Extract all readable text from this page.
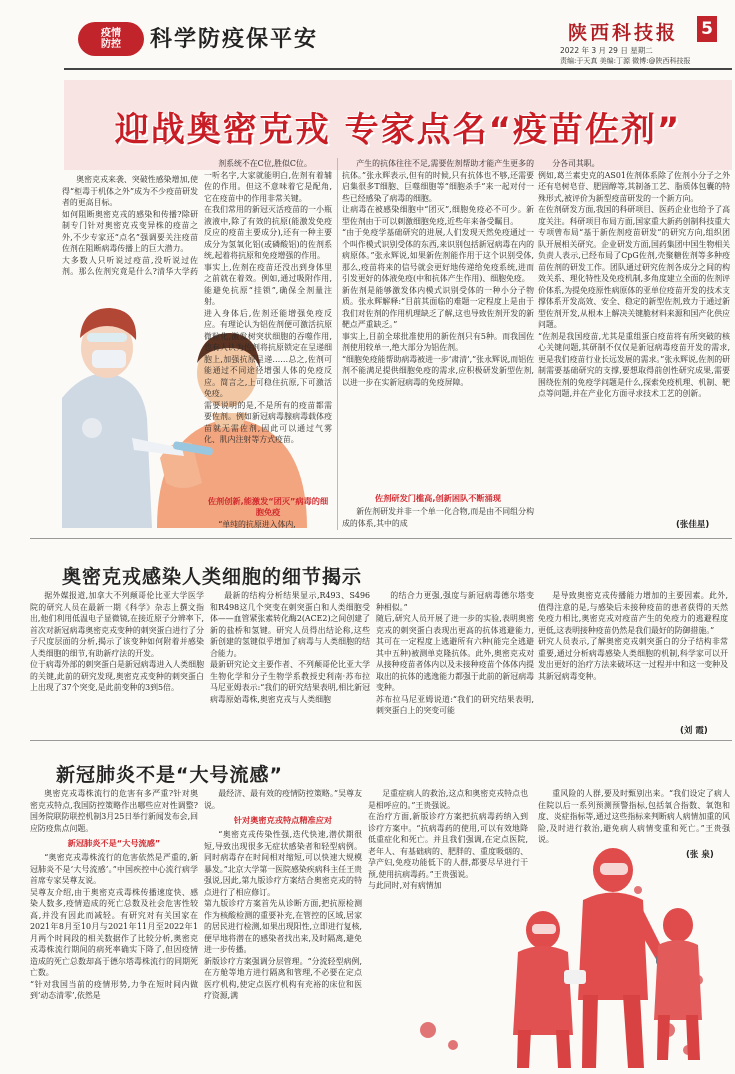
疫情
防控	科学防疫保平安	陕西科技报 5
2022 年 3 月 29 日 星期二
责编:于天真 美编:丁源 微博:@陕西科技报
迎战奥密克戎 专家点名“疫苗佐剂”
奥密克戎来袭、突破性感染增加,使得“柜毒于机体之外”成为不少疫苗研发者的更高目标。
如何阻断奥密克戎的感染和传播?除研制专门针对奥密克戎变异株的疫苗之外,不少专家还“点名”强调要关注疫苗佐剂在阻断病毒传播上的巨大潜力。
大多数人只听说过疫苗,没听说过佐剂。那么佐剂究竟是什么?清华大学药
剂系统不在C位,胜似C位。
一听名字,大家就能明白,佐剂有着辅佐的作用。但这不意味着它是配角,它在疫苗中的作用非常关键。
在我们常用的新冠灭活疫苗的一小瓶液液中,除了有效的抗原(能激发免疫反应的疫苗主要成分),还有一种主要成分为氢氧化铝(或磷酸铝)的佐剂系统,起着将抗原和免疫增强的作用。
事实上,佐剂在疫苗还没出到身体里之前就在着效。例如,通过吸附作用,能避免抗原“挂锁”,确保全剂量注射。
进入身体后,佐剂还能增强免疫反应。有理论认为铝佐剂便可激活抗原微粒化,激发树突状细胞的吞噬作用,也有人认为佐剂将抗原锁定在呈递细胞上,加强抗原呈递……总之,佐剂可能通过不同途径增强人体的免疫反应。简言之,上可稳住抗原,下可激活免疫。
需要说明的是,不是所有的疫苗都需要佐剂。例如新冠病毒腺病毒载体疫苗就无需佐剂,因此可以通过气雾化、肌内注射等方式疫苗。
佐剂创新,能激发“团灭”病毒的细胞免疫
“单纯的抗原进入体内,
产生的抗体往往不足,需要佐剂帮助才能产生更多的抗体。”张永辉表示,但有的时候,只有抗体也不够,还需要启集很多T细胞、巨噬细胞等“细胞杀手”来一起对付一些已经感染了病毒的细胞。
让病毒在被感染细胞中“团灭”,细胞免疫必不可少。新型佐剂由于可以刺激细胞免疫,近些年来备受瞩目。
“由于免疫学基础研究的进展,人们发现天然免疫通过一个叫作模式识别受体的东西,来识别包括新冠病毒在内的病原体。”张永辉说,如果新佐剂能作用于这个识别受体,那么,疫苗将来的信号就会更好地传递给免疫系统,进而引发更好的体液免疫(中和抗体产生作用)、细胞免疫。
新佐剂是能够激发体内模式识别受体的一种小分子物质。张永辉解释:“目前其面临的难题一定程度上是由于我们对佐剂的作用机理缺乏了解,这也导致佐剂开发的新靶点严重缺乏。”
事实上,目前全球批准使用的新佐剂只有5种。而我国佐剂使用较单一,绝大部分为铝佐剂。
“细胞免疫能帮助病毒被进一步‘肃清’,”张永辉说,而铝佐剂不能满足提供细胞免疫的需求,应积极研发新型佐剂,以进一步在实新冠病毒的免疫屏障。
佐剂研发门槛高,创新困队不断涌现
新佐剂研发并非一个单一化合物,而是由不同组分构成的体系,其中的成
分各司其职。
例如,葛兰素史克的AS01佐剂体系除了佐剂小分子之外还有皂树皂苷、肥固醇等,其制备工艺、脂质体包囊的特殊形式,被评价为新型疫苗研发的一个新方向。
在佐剂研发方面,我国的科研项目、医药企业也给予了高度关注。科研项目布局方面,国家重大新药创制科技重大专项曾布局“基于新佐剂疫苗研发”的研究方向,组织团队开展相关研究。企业研发方面,国药集团中国生物相关负责人表示,已经布局了CpG佐剂,壳聚糖佐剂等多种疫苗佐剂的研发工作。团队通过研究佐剂各成分之间的构效关系、理化特性及免疫机制,多角度建立全面的佐剂评价体系,为提免疫原性病原体的亚单位疫苗开发的技术支撑体系开发高效、安全、稳定的新型佐剂,致力于通过新型佐剂开发,从根本上解决关键脆材料来源和国产化供应问题。
“佐剂是我国疫苗,尤其是重组蛋白疫苗将有所突破的核心关键问题,其研制不仅仅是新冠病毒疫苗开发的需求,更是我们疫苗行业长远发展的需求。”张永辉说,佐剂的研制需要基础研究的支撑,要想取得前创性研究成果,需要围绕佐剂的免疫学问题是什么,探索免疫机理、机制、靶点等问题,并在产业化方面寻求技术工艺的创新。
(张佳星)
奥密克戎感染人类细胞的细节揭示
据外媒报道,加拿大不列颠哥伦比亚大学医学院的研究人员在最新一期《科学》杂志上撰文指出,他们利用低温电子显微镜,在接近原子分辨率下,首次对新冠病毒奥密克戎变种的刺突蛋白进行了分子尺度层面的分析,揭示了该变种如何附着并感染人类细胞的细节,有助新疗法的开发。
位于病毒外部的刺突蛋白是新冠病毒进入人类细胞的关键,此前的研究发现,奥密克戎变种的刺突蛋白上出现了37个突变,是此前变种的3到5倍。
最新的结构分析结果显示,R493、S496和R498这几个突变在刺突蛋白和人类细胞受体——血管紧张素转化酶2(ACE2)之间创建了新的盐桥和氢键。研究人员得出结论称,这些新创建的氢键似乎增加了病毒与人类细胞的结合能力。
最新研究论文主要作者、不列颠哥伦比亚大学生物化学和分子生物学系教授史利南·苏布拉马尼亚姆表示:“我们的研究结果表明,相比新冠病毒原始毒株,奥密克戎与人类细胞
的结合力更强,强度与新冠病毒德尔塔变种相似。”
随后,研究人员开展了进一步的实验,表明奥密克戎的刺突蛋白表现出更高的抗体逃避能力,其可在一定程度上逃避所有六种(能完全逃避其中五种)被测单克隆抗体。此外,奥密克戎对从接种疫苗者体内以及未接种疫苗个体体内提取出的抗体的逃逸能力都强于此前的新冠病毒变种。
苏布拉马尼亚姆说道:“我们的研究结果表明,刺突蛋白上的突变可能
是导致奥密克戎传播能力增加的主要因素。此外,值得注意的是,与感染后未接种疫苗的患者获得的天然免疫力相比,奥密克戎对疫苗产生的免疫力的逃避程度更低,这表明接种疫苗仍然是我们最好的防御措施。”
研究人员表示,了解奥密克戎刺突蛋白的分子结构非常重要,通过分析病毒感染人类细胞的机制,科学家可以开发出更好的治疗方法来破坏这一过程并中和这一变种及其新冠病毒变种。
(刘 霞)
新冠肺炎不是“大号流感”
奥密克戎毒株流行的危害有多严重?针对奥密克戎特点,我国防控策略作出哪些应对性调整?国务院联防联控机制3月25日举行新闻发布会,回应防疫焦点问题。
新冠肺炎不是“大号流感”
“奥密克戎毒株流行的危害依然是严重的,新冠肺炎不是‘大号流感’。”中国疾控中心流行病学首席专家吴尊友说。
吴尊友介绍,由于奥密克戎毒株传播速度快、感染人数多,疫情造成的死亡总数及社会危害性较高,并没有因此而减轻。有研究对有关国家在2021年8月至10月与2021年11月至2022年1月两个时间段的相关数据作了比较分析,奥密克戎毒株流行期间的病死率确实下降了,但因疫情造成的死亡总数却高于德尔塔毒株流行的同期死亡数。
“针对我国当前的疫情形势,力争在短时间内做到‘动态清零’,依然是
最经济、最有效的疫情防控策略。”吴尊友说。
针对奥密克戎特点精准应对
“奥密克戎传染性强,迭代快速,潜伏期很短,导致出现很多无症状感染者和轻型病例。同时病毒存在时间相对缩短,可以快速大规模暴发。”北京大学第一医院感染疾病科主任王贵强说,因此,第九版诊疗方案结合奥密克戎的特点进行了相应修订。
第九版诊疗方案首先从诊断方面,把抗原检测作为核酸检测的重要补充,在管控的区域,居家的居民进行检测,如果出现阳性,立即进行复核,便早地将潜在的感染者找出来,及时隔离,避免进一步传播。
新版诊疗方案强调分层管理。“分流轻型病例,在方舱等地方进行隔离和管理,不必要在定点医疗机构,使定点医疗机构有充裕的床位和医疗资源,满
足重症病人的救治,这点和奥密克戎特点也是相呼应的。”王贵强说。
在治疗方面,新版诊疗方案把抗病毒药纳入到诊疗方案中。“抗病毒药的使用,可以有效地降低重症化和死亡。并且我们强调,在定点医院,老年人、有基础病的、肥胖的、重度吸烟的、孕产妇,免疫功能低下的人群,都要尽早进行干预,使用抗病毒药。”王贵强说。
与此同时,对有病情加
重风险的人群,要及时甄别出来。“我们设定了病人住院以后一系列预测预警指标,包括氧合指数、氧饱和度、炎症指标等,通过这些指标来判断病人病情加重的风险,及时进行救治,避免病人病情变重和死亡。”王贵强说。
(张 泉)
